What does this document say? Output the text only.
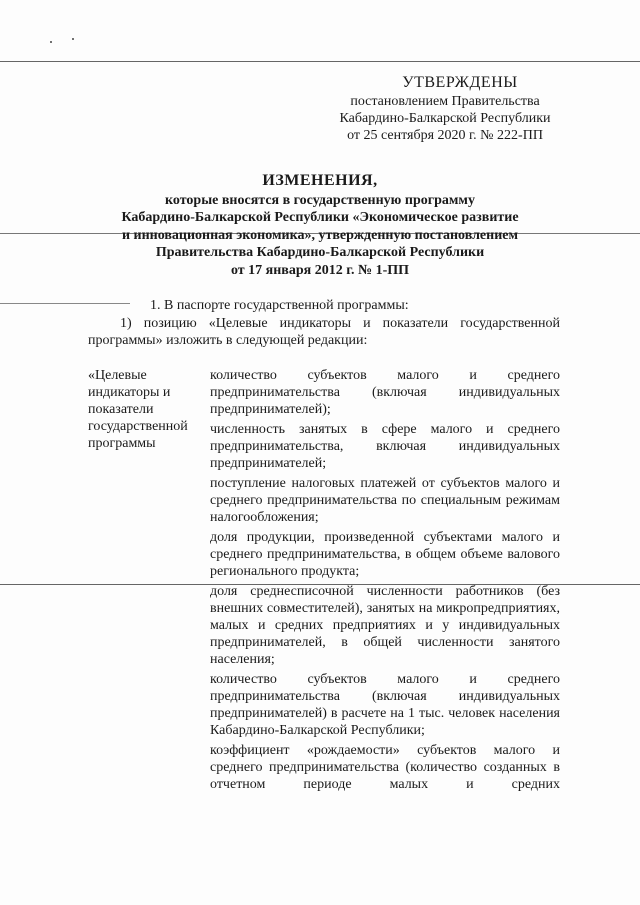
УТВЕРЖДЕНЫ
постановлением Правительства
Кабардино-Балкарской Республики
от 25 сентября 2020 г. № 222-ПП
ИЗМЕНЕНИЯ,
которые вносятся в государственную программу
Кабардино-Балкарской Республики «Экономическое развитие
и инновационная экономика», утвержденную постановлением
Правительства Кабардино-Балкарской Республики
от 17 января 2012 г. № 1-ПП
1. В паспорте государственной программы:
1) позицию «Целевые индикаторы и показатели государственной программы» изложить в следующей редакции:
«Целевые индикаторы и показатели государственной программы
количество субъектов малого и среднего предпринимательства (включая индивидуальных предпринимателей);
численность занятых в сфере малого и среднего предпринимательства, включая индивидуальных предпринимателей;
поступление налоговых платежей от субъектов малого и среднего предпринимательства по специальным режимам налогообложения;
доля продукции, произведенной субъектами малого и среднего предпринимательства, в общем объеме валового регионального продукта;
доля среднесписочной численности работников (без внешних совместителей), занятых на микропредприятиях, малых и средних предприятиях и у индивидуальных предпринимателей, в общей численности занятого населения;
количество субъектов малого и среднего предпринимательства (включая индивидуальных предпринимателей) в расчете на 1 тыс. человек населения Кабардино-Балкарской Республики;
коэффициент «рождаемости» субъектов малого и среднего предпринимательства (количество созданных в отчетном периоде малых и средних
